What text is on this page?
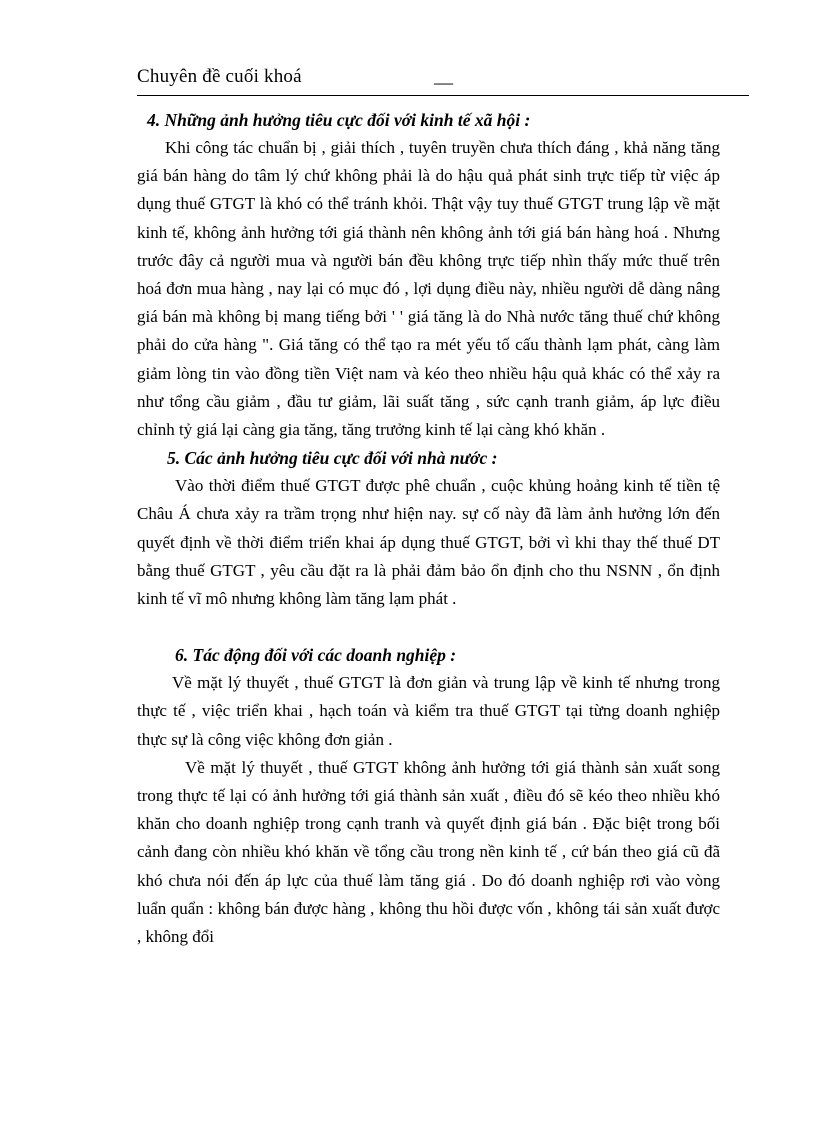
Chuyên đề cuối khoá	__

4. Những ảnh hưởng tiêu cực đối với kinh tế xã hội :

Khi công tác chuẩn bị , giải thích , tuyên truyền chưa thích đáng , khả năng tăng giá bán hàng do tâm lý chứ không phải là do hậu quả phát sinh trực tiếp từ việc áp dụng thuế GTGT là khó có thể tránh khỏi. Thật vậy tuy thuế GTGT trung lập về mặt kinh tế, không ảnh hưởng tới giá thành nên không ảnh tới giá bán hàng hoá . Nhưng trước đây cả người mua và người bán đều không trực tiếp nhìn thấy mức thuế trên hoá đơn mua hàng , nay lại có mục đó , lợi dụng điều này, nhiều người dễ dàng nâng giá bán mà không bị mang tiếng bởi ' ' giá tăng là do Nhà nước tăng thuế chứ không phải do cửa hàng ". Giá tăng có thể tạo ra mét yếu tố cấu thành lạm phát, càng làm giảm lòng tin vào đồng tiền Việt nam và kéo theo nhiều hậu quả khác có thể xảy ra như tổng cầu giảm , đầu tư giảm, lãi suất tăng , sức cạnh tranh giảm, áp lực điều chỉnh tỷ giá lại càng gia tăng, tăng trưởng kinh tế lại càng khó khăn .

5. Các ảnh hưởng tiêu cực đối với nhà nước :

Vào thời điểm thuế GTGT được phê chuẩn , cuộc khủng hoảng kinh tế tiền tệ Châu Á chưa xảy ra trầm trọng như hiện nay. sự cố này đã làm ảnh hưởng lớn đến quyết định về thời điểm triển khai áp dụng thuế GTGT, bởi vì khi thay thế thuế DT bằng thuế GTGT , yêu cầu đặt ra là phải đảm bảo ổn định cho thu NSNN , ổn định kinh tế vĩ mô nhưng không làm tăng lạm phát .

6. Tác động đối với các doanh nghiệp :

Về mặt lý thuyết , thuế GTGT là đơn giản và trung lập về kinh tế nhưng trong thực tế , việc triển khai , hạch toán và kiểm tra thuế GTGT tại từng doanh nghiệp thực sự là công việc không đơn giản .

Về mặt lý thuyết , thuế GTGT không ảnh hưởng tới giá thành sản xuất song trong thực tế lại có ảnh hưởng tới giá thành sản xuất , điều đó sẽ kéo theo nhiều khó khăn cho doanh nghiệp trong cạnh tranh và quyết định giá bán . Đặc biệt trong bối cảnh đang còn nhiều khó khăn về tổng cầu trong nền kinh tế , cứ bán theo giá cũ đã khó chưa nói đến áp lực của thuế làm tăng giá . Do đó doanh nghiệp rơi vào vòng luẩn quẩn : không bán được hàng , không thu hồi được vốn , không tái sản xuất được , không đổi
